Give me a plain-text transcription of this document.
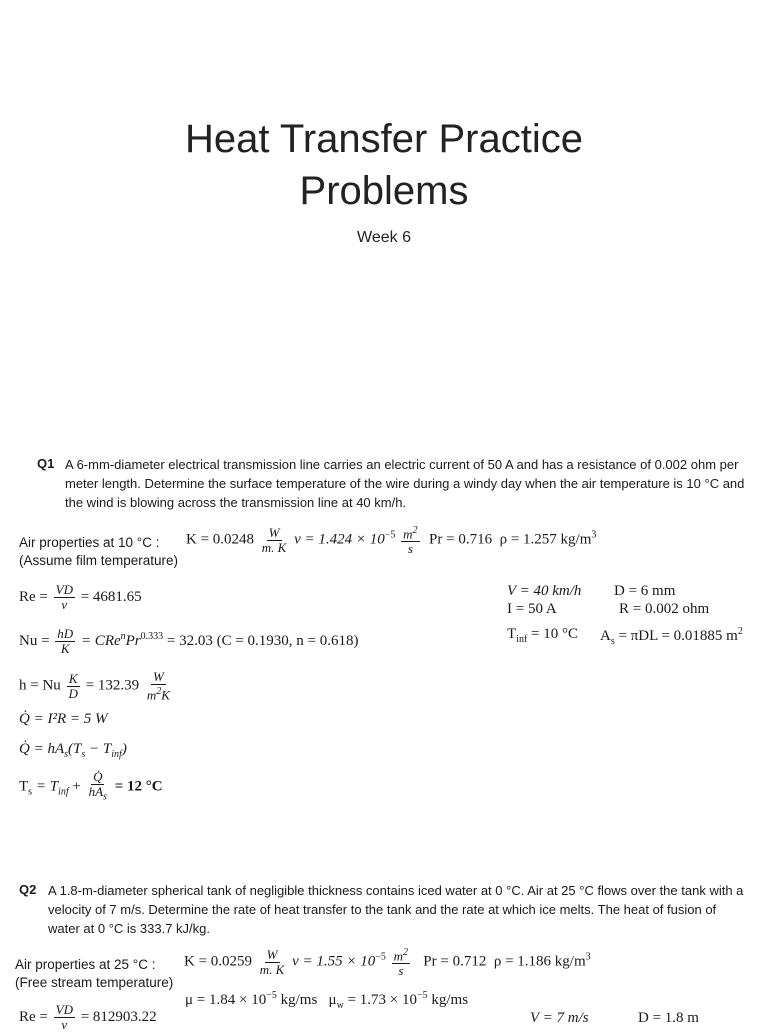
Heat Transfer Practice
Problems
Week 6
Q1 A 6-mm-diameter electrical transmission line carries an electric current of 50 A and has a resistance of 0.002 ohm per meter length. Determine the surface temperature of the wire during a windy day when the air temperature is 10 °C and the wind is blowing across the transmission line at 40 km/h.
Air properties at 10 °C :
(Assume film temperature)
$K = 0.0248 \frac{W}{m. K}$ $v = 1.424 \times 10^{-5} \frac{m^2}{s}$ Pr = 0.716 ρ = 1.257 $kg/m^3$
$Re = \frac{VD}{v} = 4681.65$
$Nu = \frac{hD}{K} = CRe^nPr^{0.333} = 32.03$ (C = 0.1930, n = 0.618)
h = Nu $\frac{K}{D} = 132.39 \frac{W}{m^2K}$
Q̇ = I²R = 5 W
Q̇ = $hA_s(T_s - T_{inf})$
$T_s = T_{inf} + \frac{Q̇}{hA_s} = 12$ °C
V = 40 km/h D = 6 mm
I = 50 A	R = 0.002 ohm
$T_{inf} = 10$ °C $A_s = \pi DL = 0.01885$ $m^2$
Q2 A 1.8-m-diameter spherical tank of negligible thickness contains iced water at 0 °C. Air at 25 °C flows over the tank with a velocity of 7 m/s. Determine the rate of heat transfer to the tank and the rate at which ice melts. The heat of fusion of water at 0 °C is 333.7 kJ/kg.
Air properties at 25 °C :
(Free stream temperature)
$K = 0.0259 \frac{W}{m. K}$ $v = 1.55 \times 10^{-5} \frac{m^2}{s}$ Pr = 0.712 ρ = 1.186 $kg/m^3$
$\mu = 1.84 \times 10^{-5}$ kg/ms $\mu_w = 1.73 \times 10^{-5}$ kg/ms
$Re = \frac{VD}{v} = 812903.22$	V = 7 m/s	D = 1.8 m
